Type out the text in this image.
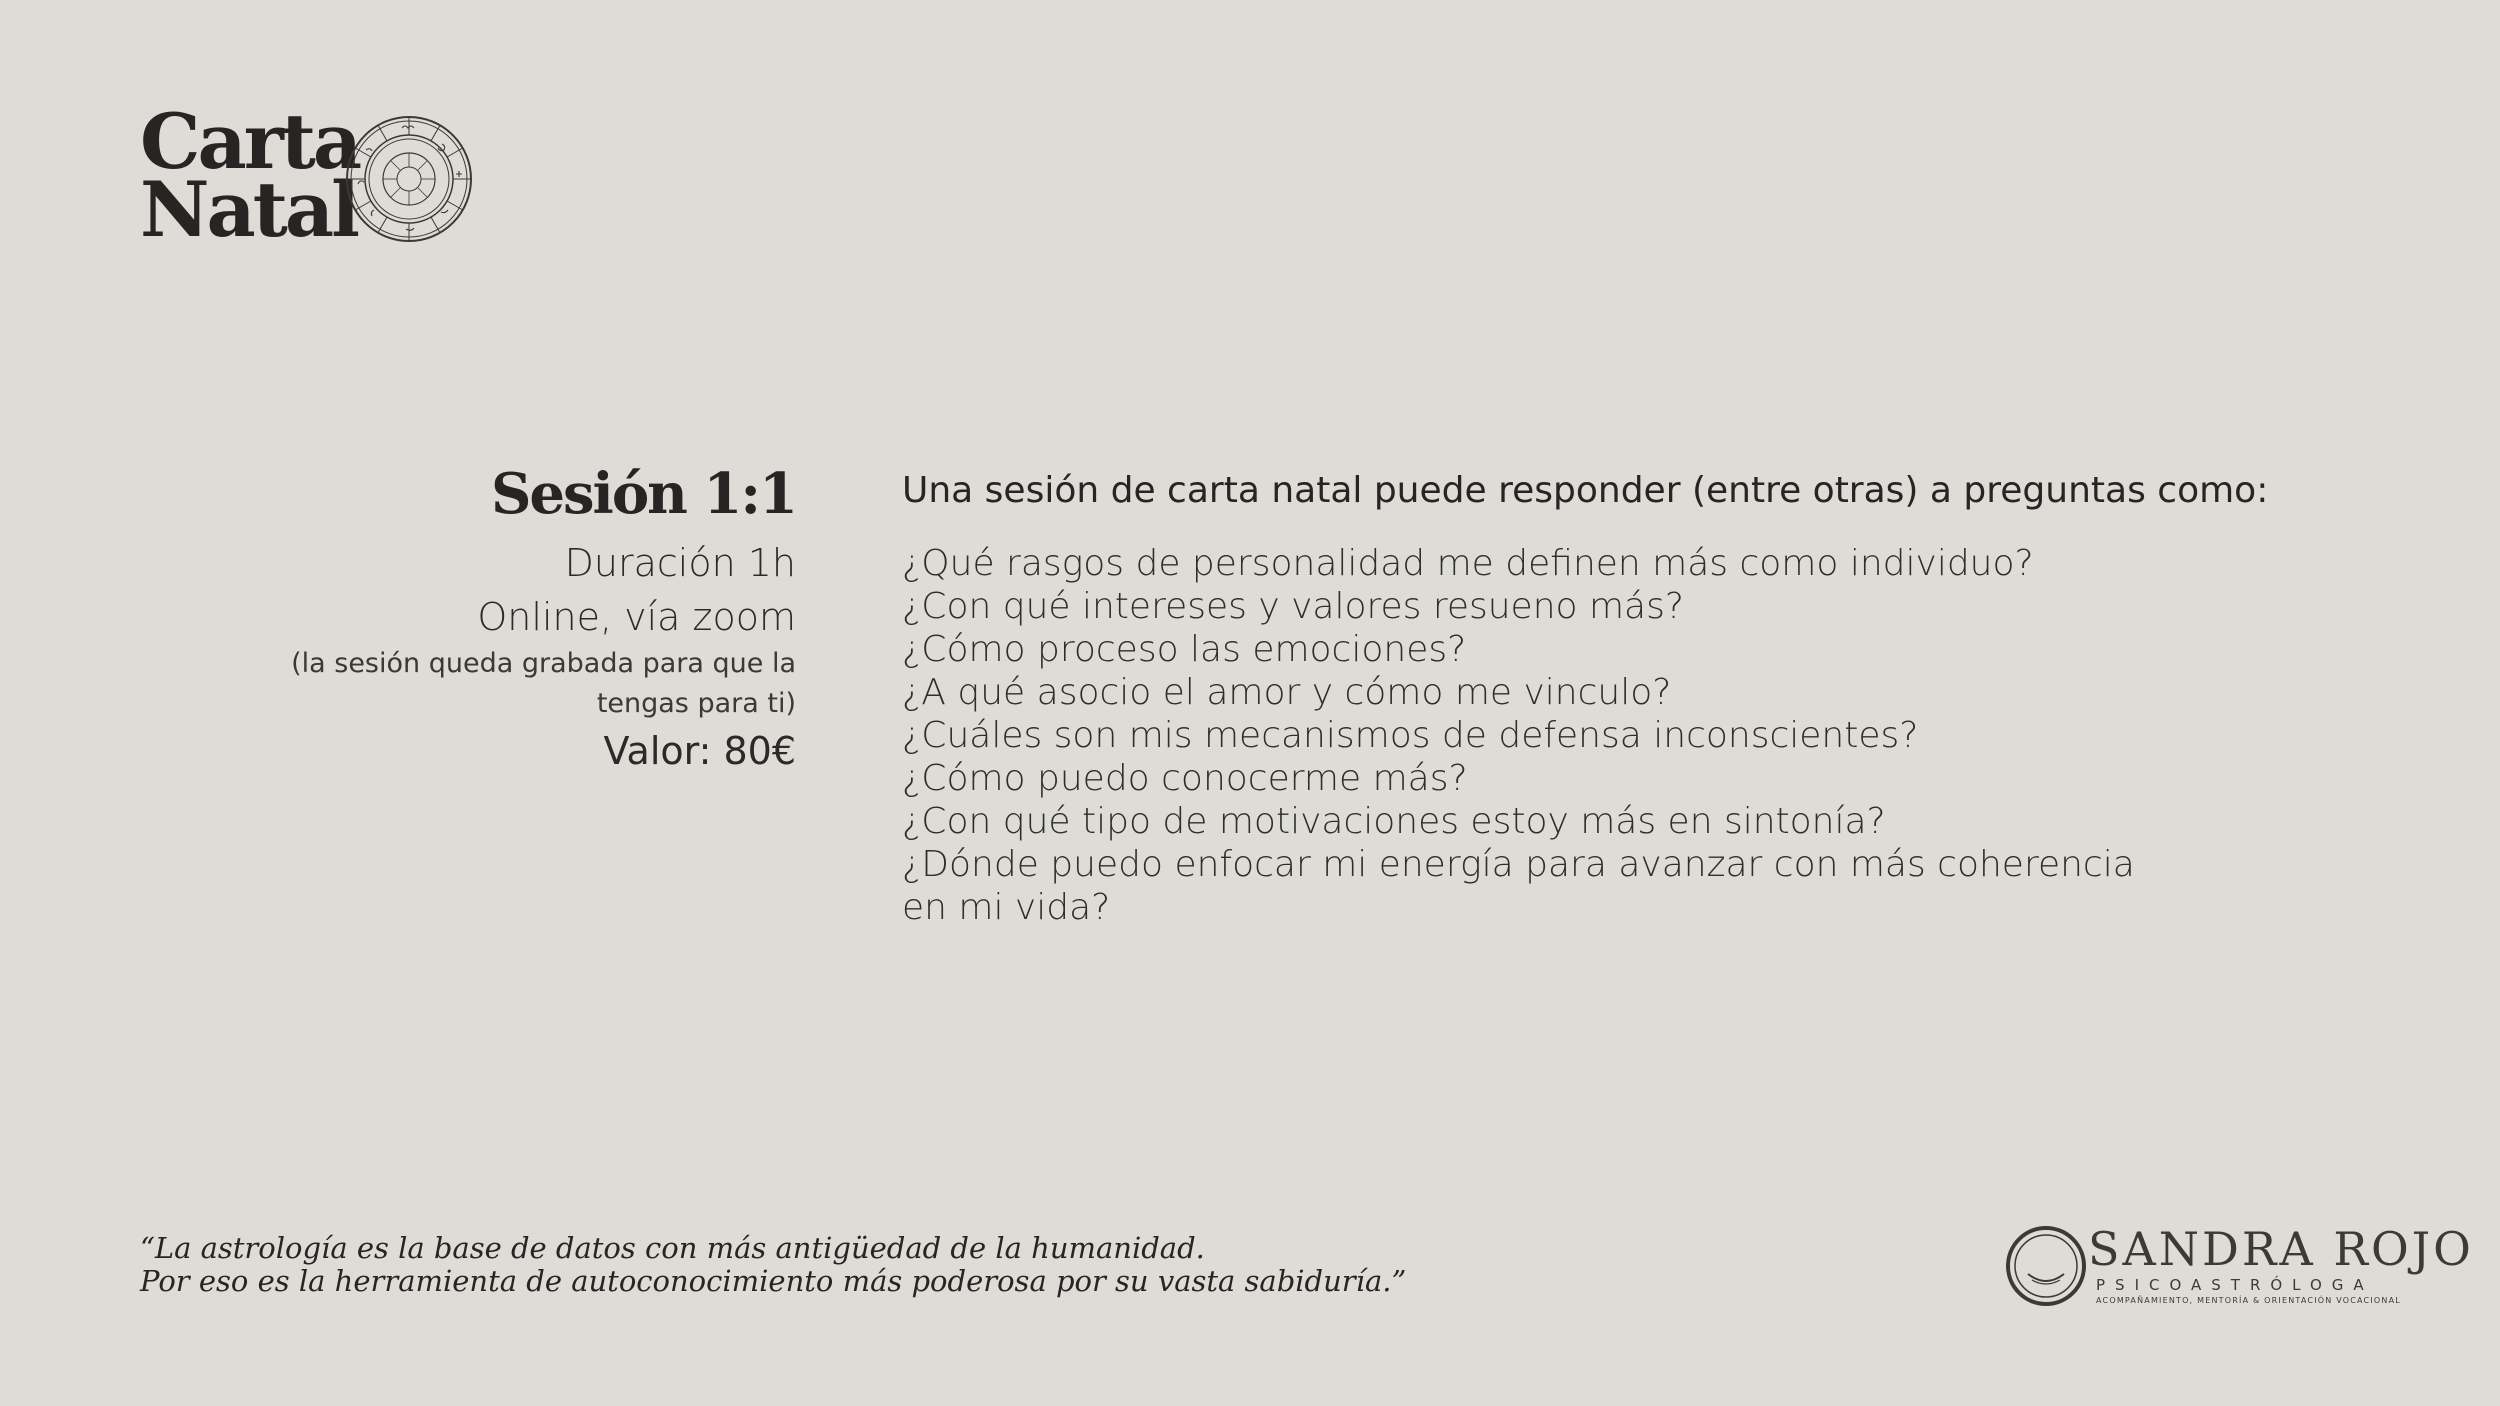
Carta
Natal
Sesión 1:1
Duración 1h
Online, vía zoom
(la sesión queda grabada para que la
tengas para ti)
Valor: 80€
Una sesión de carta natal puede responder (entre otras) a preguntas como:
¿Qué rasgos de personalidad me definen más como individuo?
¿Con qué intereses y valores resueno más?
¿Cómo proceso las emociones?
¿A qué asocio el amor y cómo me vinculo?
¿Cuáles son mis mecanismos de defensa inconscientes?
¿Cómo puedo conocerme más?
¿Con qué tipo de motivaciones estoy más en sintonía?
¿Dónde puedo enfocar mi energía para avanzar con más coherencia en mi vida?
“La astrología es la base de datos con más antigüedad de la humanidad.
Por eso es la herramienta de autoconocimiento más poderosa por su vasta sabiduría.”
SANDRA ROJO
PSICOASTRÓLOGA
ACOMPAÑAMIENTO, MENTORÍA & ORIENTACIÓN VOCACIONAL
